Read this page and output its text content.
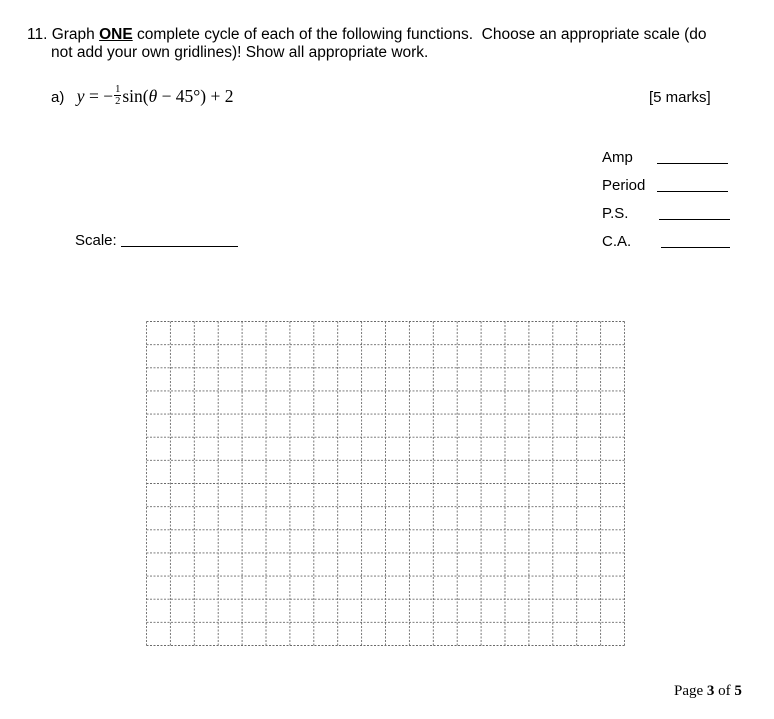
11. Graph ONE complete cycle of each of the following functions.  Choose an appropriate scale (do
not add your own gridlines)! Show all appropriate work.
a) y = − $\frac{1}{2} \sin(\theta - 45^\circ) + 2$	[5 marks]
Amp
Period
P.S.
C.A.
Scale:
Page 3 of 5
